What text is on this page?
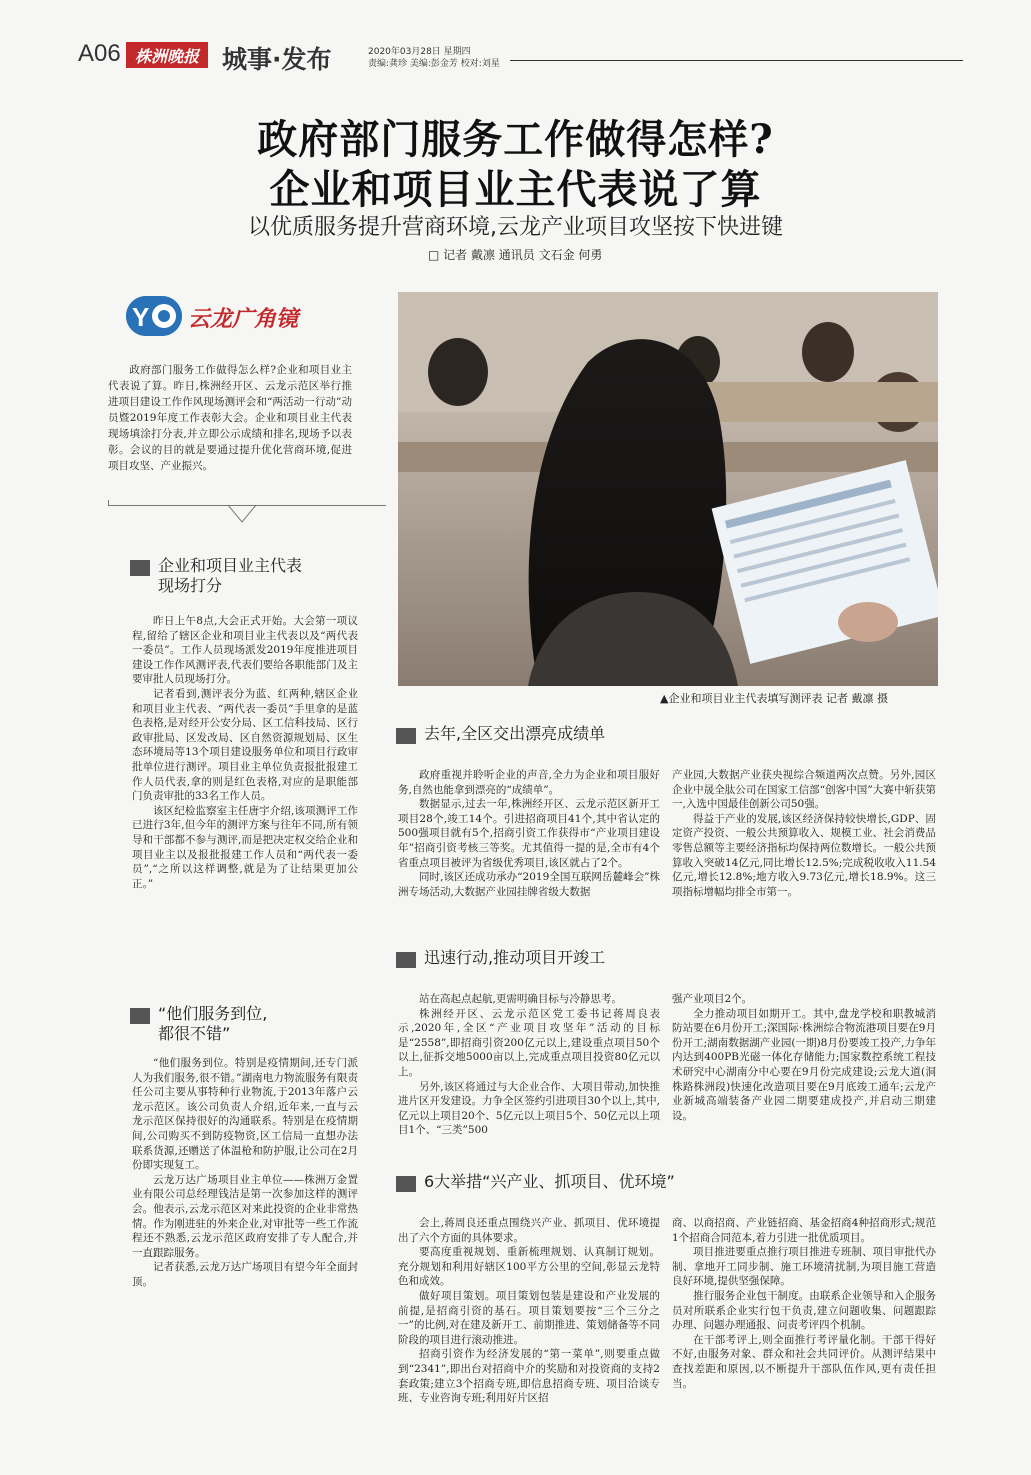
A06 株洲晚报 城事·发布	2020年03月28日 星期四
责编:龚珍 美编:彭金芳 校对:刘星
政府部门服务工作做得怎样?
企业和项目业主代表说了算
以优质服务提升营商环境,云龙产业项目攻坚按下快进键
□ 记者 戴凛 通讯员 文石金 何勇
Y 云龙广角镜
政府部门服务工作做得怎么样?企业和项目业主代表说了算。昨日,株洲经开区、云龙示范区举行推进项目建设工作作风现场测评会和“两活动一行动”动员暨2019年度工作表彰大会。企业和项目业主代表现场填涂打分表,并立即公示成绩和排名,现场予以表彰。会议的目的就是要通过提升优化营商环境,促进项目攻坚、产业振兴。
▲企业和项目业主代表填写测评表 记者 戴凛 摄
企业和项目业主代表
现场打分

昨日上午8点,大会正式开始。大会第一项议程,留给了辖区企业和项目业主代表以及“两代表一委员”。工作人员现场派发2019年度推进项目建设工作作风测评表,代表们要给各职能部门及主要审批人员现场打分。

记者看到,测评表分为蓝、红两种,辖区企业和项目业主代表、“两代表一委员”手里拿的是蓝色表格,是对经开公安分局、区工信科技局、区行政审批局、区发改局、区自然资源规划局、区生态环境局等13个项目建设服务单位和项目行政审批单位进行测评。项目业主单位负责报批报建工作人员代表,拿的则是红色表格,对应的是职能部门负责审批的33名工作人员。

该区纪检监察室主任唐宇介绍,该项测评工作已进行3年,但今年的测评方案与往年不同,所有领导和干部都不参与测评,而是把决定权交给企业和项目业主以及报批报建工作人员和“两代表一委员”,“之所以这样调整,就是为了让结果更加公正。”

“他们服务到位,
都很不错”

“他们服务到位。特别是疫情期间,还专门派人为我们服务,很不错。”湖南电力物流服务有限责任公司主要从事特种行业物流,于2013年落户云龙示范区。该公司负责人介绍,近年来,一直与云龙示范区保持很好的沟通联系。特别是在疫情期间,公司购买不到防疫物资,区工信局一直想办法联系货源,还赠送了体温枪和防护服,让公司在2月份即实现复工。

云龙万达广场项目业主单位——株洲万金置业有限公司总经理钱洁是第一次参加这样的测评会。他表示,云龙示范区对来此投资的企业非常热情。作为刚进驻的外来企业,对审批等一些工作流程还不熟悉,云龙示范区政府安排了专人配合,并一直跟踪服务。

记者获悉,云龙万达广场项目有望今年全面封顶。

去年,全区交出漂亮成绩单

政府重视并聆听企业的声音,全力为企业和项目服好务,自然也能拿到漂亮的“成绩单”。

数据显示,过去一年,株洲经开区、云龙示范区新开工项目28个,竣工14个。引进招商项目41个,其中省认定的500强项目就有5个,招商引资工作获得市“产业项目建设年”招商引资考核三等奖。尤其值得一提的是,全市有4个省重点项目被评为省级优秀项目,该区就占了2个。

同时,该区还成功承办“2019全国互联网岳麓峰会”株洲专场活动,大数据产业园挂牌省级大数据

产业园,大数据产业获央视综合频道两次点赞。另外,园区企业中晟全肽公司在国家工信部“创客中国”大赛中斩获第一,入选中国最佳创新公司50强。

得益于产业的发展,该区经济保持较快增长,GDP、固定资产投资、一般公共预算收入、规模工业、社会消费品零售总额等主要经济指标均保持两位数增长。一般公共预算收入突破14亿元,同比增长12.5%;完成税收收入11.54亿元,增长12.8%;地方收入9.73亿元,增长18.9%。这三项指标增幅均排全市第一。

迅速行动,推动项目开竣工

站在高起点起航,更需明确目标与冷静思考。

株洲经开区、云龙示范区党工委书记蒋周良表示,2020年,全区“产业项目攻坚年”活动的目标是“2558”,即招商引资200亿元以上,建设重点项目50个以上,征拆交地5000亩以上,完成重点项目投资80亿元以上。

另外,该区将通过与大企业合作、大项目带动,加快推进片区开发建设。力争全区签约引进项目30个以上,其中,亿元以上项目20个、5亿元以上项目5个、50亿元以上项目1个、“三类”500

强产业项目2个。

全力推动项目如期开工。其中,盘龙学校和职教城消防站要在6月份开工;深国际·株洲综合物流港项目要在9月份开工;湖南数据湖产业园(一期)8月份要竣工投产,力争年内达到400PB光磁一体化存储能力;国家数控系统工程技术研究中心湖南分中心要在9月份完成建设;云龙大道(洞株路株洲段)快速化改造项目要在9月底竣工通车;云龙产业新城高端装备产业园二期要建成投产,并启动三期建设。

6大举措“兴产业、抓项目、优环境”

会上,蒋周良还重点围绕兴产业、抓项目、优环境提出了六个方面的具体要求。

要高度重视规划、重新梳理规划、认真制订规划。充分规划和利用好辖区100平方公里的空间,彰显云龙特色和成效。

做好项目策划。项目策划包装是建设和产业发展的前提,是招商引资的基石。项目策划要按“三个三分之一”的比例,对在建及新开工、前期推进、策划储备等不同阶段的项目进行滚动推进。

招商引资作为经济发展的“第一菜单”,则要重点做到“2341”,即出台对招商中介的奖励和对投资商的支持2套政策;建立3个招商专班,即信息招商专班、项目洽谈专班、专业咨询专班;利用好片区招

商、以商招商、产业链招商、基金招商4种招商形式;规范1个招商合同范本,着力引进一批优质项目。

项目推进要重点推行项目推进专班制、项目审批代办制、拿地开工同步制、施工环境清扰制,为项目施工营造良好环境,提供坚强保障。

推行服务企业包干制度。由联系企业领导和入企服务员对所联系企业实行包干负责,建立问题收集、问题跟踪办理、问题办理通报、问责考评四个机制。

在干部考评上,则全面推行考评量化制。干部干得好不好,由服务对象、群众和社会共同评价。从测评结果中查找差距和原因,以不断提升干部队伍作风,更有责任担当。
